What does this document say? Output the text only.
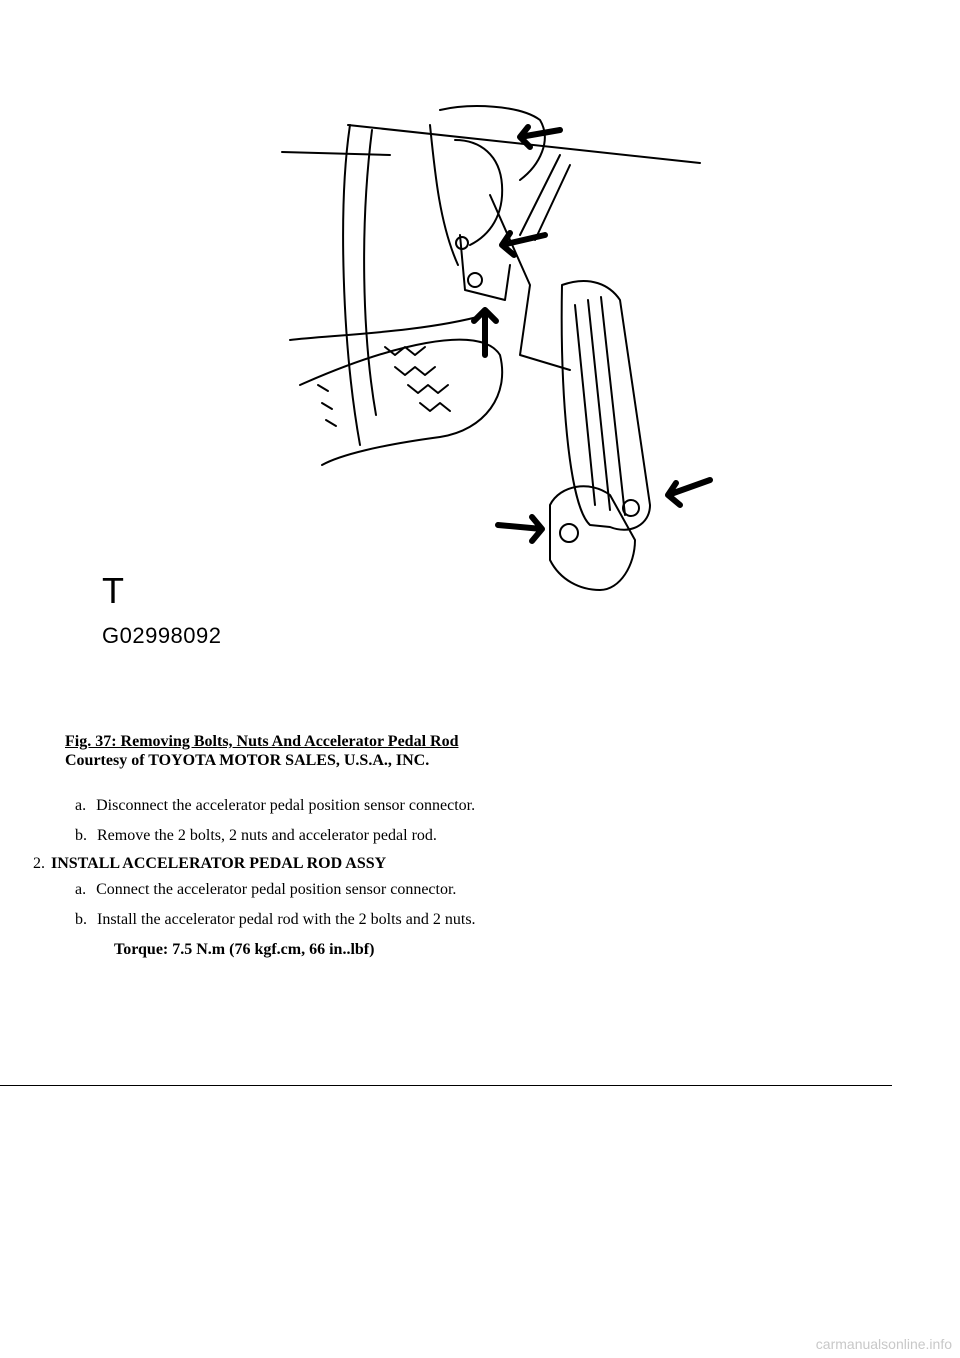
T
G02998092
Fig. 37: Removing Bolts, Nuts And Accelerator Pedal Rod
Courtesy of TOYOTA MOTOR SALES, U.S.A., INC.
a. Disconnect the accelerator pedal position sensor connector.
b. Remove the 2 bolts, 2 nuts and accelerator pedal rod.
2. INSTALL ACCELERATOR PEDAL ROD ASSY
a. Connect the accelerator pedal position sensor connector.
b. Install the accelerator pedal rod with the 2 bolts and 2 nuts.
Torque: 7.5 N.m (76 kgf.cm, 66 in..lbf)
carmanualsonline.info
